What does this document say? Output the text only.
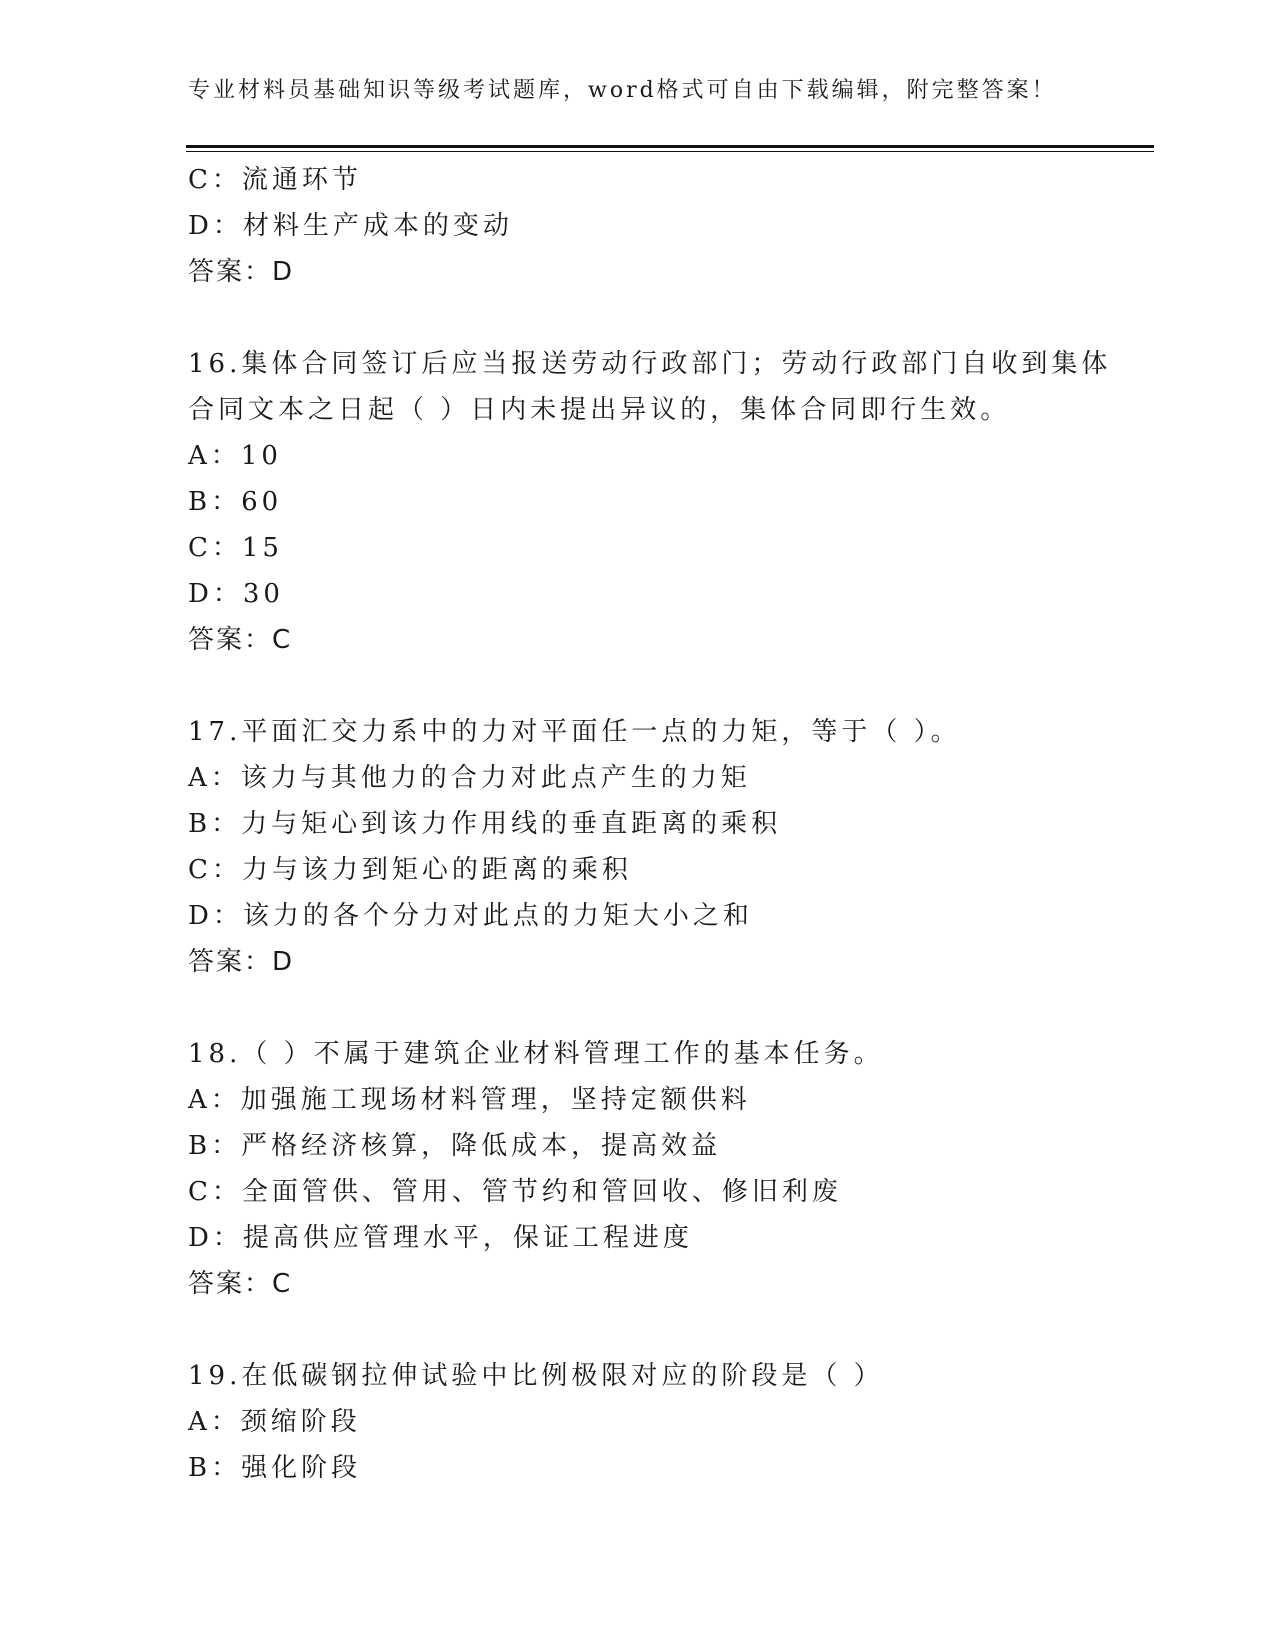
专业材料员基础知识等级考试题库，word格式可自由下载编辑，附完整答案！
C：流通环节
D：材料生产成本的变动
答案：D
16.集体合同签订后应当报送劳动行政部门；劳动行政部门自收到集体
合同文本之日起（ ）日内未提出异议的，集体合同即行生效。
A：10
B：60
C：15
D：30
答案：C
17.平面汇交力系中的力对平面任一点的力矩，等于（ ）。
A：该力与其他力的合力对此点产生的力矩
B：力与矩心到该力作用线的垂直距离的乘积
C：力与该力到矩心的距离的乘积
D：该力的各个分力对此点的力矩大小之和
答案：D
18.（ ）不属于建筑企业材料管理工作的基本任务。
A：加强施工现场材料管理，坚持定额供料
B：严格经济核算，降低成本，提高效益
C：全面管供、管用、管节约和管回收、修旧利废
D：提高供应管理水平，保证工程进度
答案：C
19.在低碳钢拉伸试验中比例极限对应的阶段是（ ）
A：颈缩阶段
B：强化阶段
